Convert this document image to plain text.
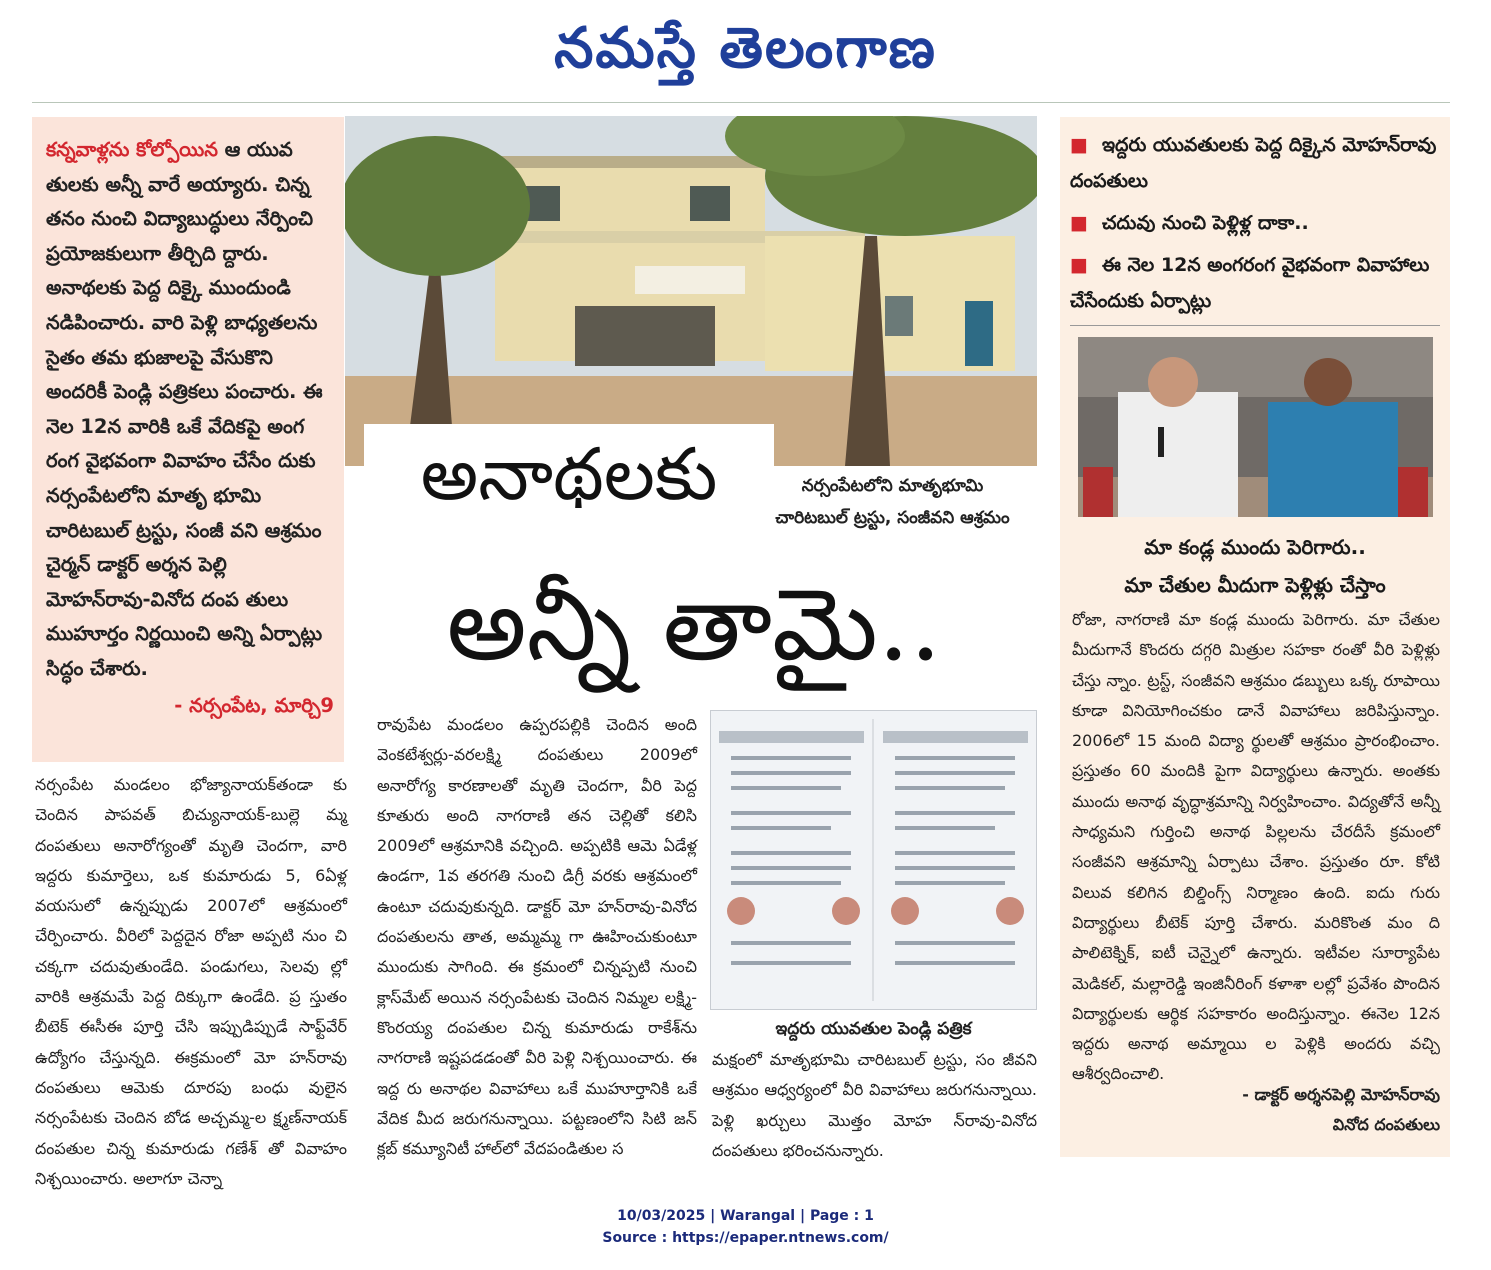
నమస్తే తెలంగాణ
కన్నవాళ్లను కోల్పోయిన ఆ యువ తులకు అన్నీ వారే అయ్యారు. చిన్న తనం నుంచి విద్యాబుద్ధులు నేర్పించి ప్రయోజకులుగా తీర్చిది ద్దారు. అనాథలకు పెద్ద దిక్కై ముందుండి నడిపించారు. వారి పెళ్లి బాధ్యతలను సైతం తమ భుజాలపై వేసుకొని అందరికీ పెండ్లి పత్రికలు పంచారు. ఈ నెల 12న వారికి ఒకే వేదికపై అంగ రంగ వైభవంగా వివాహం చేసేం దుకు నర్సంపేటలోని మాతృ భూమి చారిటబుల్ ట్రస్టు, సంజీ వని ఆశ్రమం చైర్మన్ డాక్టర్ అర్శన పెల్లి మోహన్‌రావు-వినోద దంప తులు ముహూర్తం నిర్ణయించి అన్ని ఏర్పాట్లు సిద్ధం చేశారు.
- నర్సంపేట, మార్చి9
అనాథలకు
అన్నీ తామై..
నర్సంపేటలోని మాతృభూమి
చారిటబుల్ ట్రస్టు, సంజీవని ఆశ్రమం
నర్సంపేట మండలం భోజ్యానాయక్‌తండా కు చెందిన పాపవత్ బిచ్యునాయక్-బుల్లె మ్మ దంపతులు అనారోగ్యంతో మృతి చెందగా, వారి ఇద్దరు కుమార్తెలు, ఒక కుమారుడు 5, 6ఏళ్ల వయసులో ఉన్నప్పుడు 2007లో ఆశ్రమంలో చేర్పించారు. వీరిలో పెద్దదైన రోజా అప్పటి నుం చి చక్కగా చదువుతుండేది. పండుగలు, సెలవు ల్లో వారికి ఆశ్రమమే పెద్ద దిక్కుగా ఉండేది. ప్ర స్తుతం బీటెక్ ఈసీఈ పూర్తి చేసి ఇప్పుడిప్పుడే సాఫ్ట్‌వేర్ ఉద్యోగం చేస్తున్నది. ఈక్రమంలో మో హన్‌రావు దంపతులు ఆమెకు దూరపు బంధు వులైన నర్సంపేటకు చెందిన బోడ అచ్చమ్మ-ల క్ష్మణ్‌నాయక్ దంపతుల చిన్న కుమారుడు గణేశ్ తో వివాహం నిశ్చయించారు. అలాగూ చెన్నా
రావుపేట మండలం ఉప్పరపల్లికి చెందిన అంది వెంకటేశ్వర్లు-వరలక్ష్మి దంపతులు 2009లో అనారోగ్య కారణాలతో మృతి చెందగా, వీరి పెద్ద కూతురు అంది నాగరాణి తన చెల్లితో కలిసి 2009లో ఆశ్రమానికి వచ్చింది. అప్పటికి ఆమె ఏడేళ్ల ఉండగా, 1వ తరగతి నుంచి డిగ్రీ వరకు ఆశ్రమంలో ఉంటూ చదువుకున్నది. డాక్టర్ మో హన్‌రావు-వినోద దంపతులను తాత, అమ్మమ్మ గా ఊహించుకుంటూ ముందుకు సాగింది. ఈ క్రమంలో చిన్నప్పటి నుంచి క్లాస్‌మేట్ అయిన నర్సంపేటకు చెందిన నిమ్మల లక్ష్మి-కొంరయ్య దంపతుల చిన్న కుమారుడు రాకేశ్‌ను నాగరాణి ఇష్టపడడంతో వీరి పెళ్లి నిశ్చయించారు. ఈ ఇద్ద రు అనాథల వివాహాలు ఒకే ముహూర్తానికి ఒకే వేదిక మీద జరుగనున్నాయి. పట్టణంలోని సిటి జన్ క్లబ్ కమ్యూనిటీ హాల్‌లో వేదపండితుల స
ఇద్దరు యువతుల పెండ్లి పత్రిక
మక్షంలో మాతృభూమి చారిటబుల్ ట్రస్టు, సం జీవని ఆశ్రమం ఆధ్వర్యంలో వీరి వివాహాలు జరుగనున్నాయి. పెళ్లి ఖర్చులు మొత్తం మోహ న్‌రావు-వినోద దంపతులు భరించనున్నారు.
■ ఇద్దరు యువతులకు పెద్ద దిక్కైన మోహన్‌రావు దంపతులు
■ చదువు నుంచి పెళ్లిళ్ల దాకా..
■ ఈ నెల 12న అంగరంగ వైభవంగా వివాహాలు చేసేందుకు ఏర్పాట్లు
మా కండ్ల ముందు పెరిగారు..
మా చేతుల మీదుగా పెళ్లిళ్లు చేస్తాం
రోజా, నాగరాణి మా కండ్ల ముందు పెరిగారు. మా చేతుల మీదుగానే కొందరు దగ్గరి మిత్రుల సహకా రంతో వీరి పెళ్లిళ్లు చేస్తు న్నాం. ట్రస్ట్, సంజీవని ఆశ్రమం డబ్బులు ఒక్క రూపాయి కూడా వినియోగించకుం డానే వివాహాలు జరిపిస్తున్నాం. 2006లో 15 మంది విద్యా ర్థులతో ఆశ్రమం ప్రారంభించాం. ప్రస్తుతం 60 మందికి పైగా విద్యార్థులు ఉన్నారు. అంతకు ముందు అనాథ వృద్ధాశ్రమాన్ని నిర్వహించాం. విద్యతోనే అన్నీ సాధ్యమని గుర్తించి అనాథ పిల్లలను చేరదీసే క్రమంలో సంజీవని ఆశ్రమాన్ని ఏర్పాటు చేశాం. ప్రస్తుతం రూ. కోటి విలువ కలిగిన బిల్డింగ్స్ నిర్మాణం ఉంది. ఐదు గురు విద్యార్థులు బీటెక్ పూర్తి చేశారు. మరికొంత మం ది పాలిటెక్నిక్, ఐటీ చెన్నైలో ఉన్నారు. ఇటీవల సూర్యాపేట మెడికల్, మల్లారెడ్డి ఇంజినీరింగ్ కళాశా లల్లో ప్రవేశం పొందిన విద్యార్థులకు ఆర్థిక సహకారం అందిస్తున్నాం. ఈనెల 12న ఇద్దరు అనాథ అమ్మాయి ల పెళ్లికి అందరు వచ్చి ఆశీర్వదించాలి.
- డాక్టర్ అర్శనపెల్లి మోహన్‌రావు
వినోద దంపతులు
10/03/2025 | Warangal | Page : 1
Source : https://epaper.ntnews.com/
